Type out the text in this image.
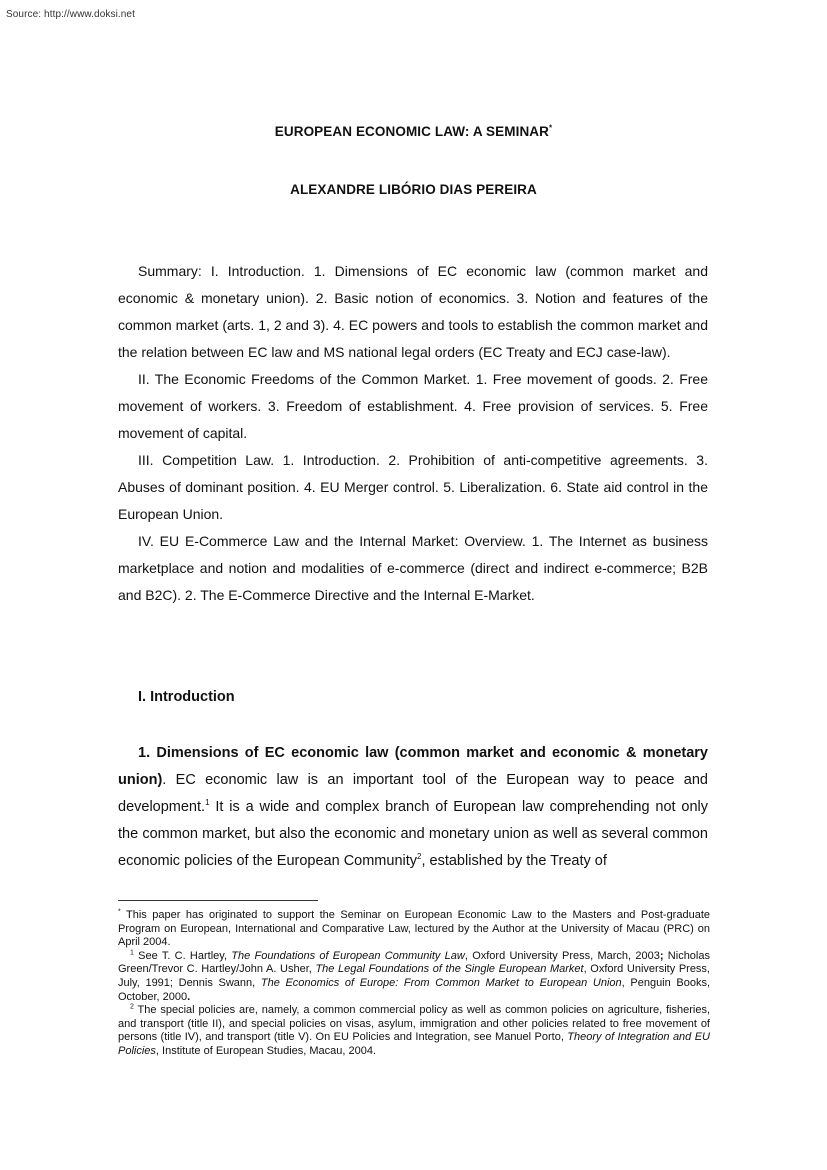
Source: http://www.doksi.net
EUROPEAN ECONOMIC LAW: A SEMINAR*
ALEXANDRE LIBÓRIO DIAS PEREIRA

Summary: I. Introduction. 1. Dimensions of EC economic law (common market and economic & monetary union). 2. Basic notion of economics. 3. Notion and features of the common market (arts. 1, 2 and 3). 4. EC powers and tools to establish the common market and the relation between EC law and MS national legal orders (EC Treaty and ECJ case-law).

II. The Economic Freedoms of the Common Market. 1. Free movement of goods. 2. Free movement of workers. 3. Freedom of establishment. 4. Free provision of services. 5. Free movement of capital.

III. Competition Law. 1. Introduction. 2. Prohibition of anti-competitive agreements. 3. Abuses of dominant position. 4. EU Merger control. 5. Liberalization. 6. State aid control in the European Union.

IV. EU E-Commerce Law and the Internal Market: Overview. 1. The Internet as business marketplace and notion and modalities of e-commerce (direct and indirect e-commerce; B2B and B2C). 2. The E-Commerce Directive and the Internal E-Market.

I. Introduction

1. Dimensions of EC economic law (common market and economic & monetary union). EC economic law is an important tool of the European way to peace and development.$^1$ It is a wide and complex branch of European law comprehending not only the common market, but also the economic and monetary union as well as several common economic policies of the European Community$^2$, established by the Treaty of

* This paper has originated to support the Seminar on European Economic Law to the Masters and Post-graduate Program on European, International and Comparative Law, lectured by the Author at the University of Macau (PRC) on April 2004.

$^1$ See T. C. Hartley, The Foundations of European Community Law, Oxford University Press, March, 2003; Nicholas Green/Trevor C. Hartley/John A. Usher, The Legal Foundations of the Single European Market, Oxford University Press, July, 1991; Dennis Swann, The Economics of Europe: From Common Market to European Union, Penguin Books, October, 2000.

$^2$ The special policies are, namely, a common commercial policy as well as common policies on agriculture, fisheries, and transport (title II), and special policies on visas, asylum, immigration and other policies related to free movement of persons (title IV), and transport (title V). On EU Policies and Integration, see Manuel Porto, Theory of Integration and EU Policies, Institute of European Studies, Macau, 2004.
